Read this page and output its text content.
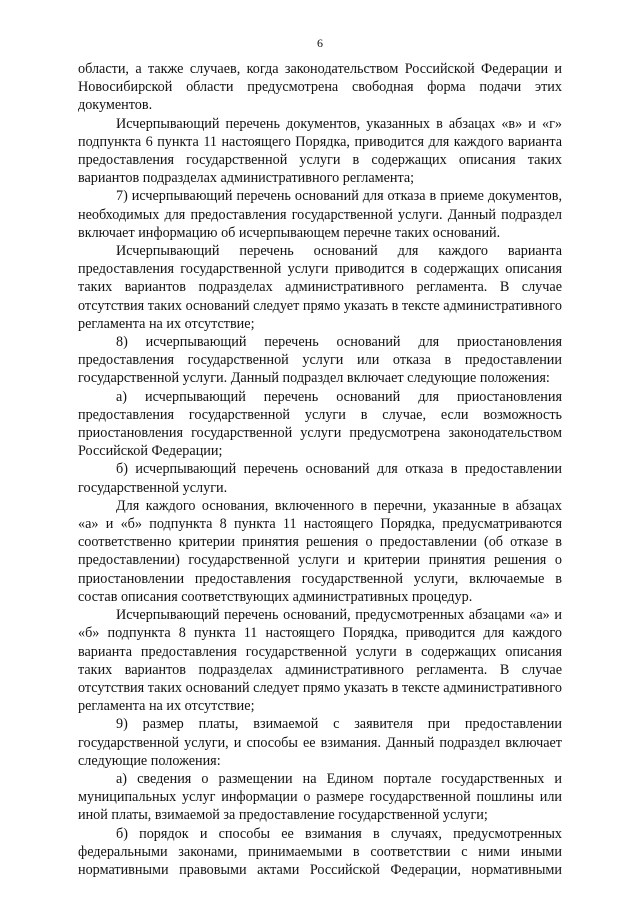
6

области, а также случаев, когда законодательством Российской Федерации и Новосибирской области предусмотрена свободная форма подачи этих документов.

Исчерпывающий перечень документов, указанных в абзацах «в» и «г» подпункта 6 пункта 11 настоящего Порядка, приводится для каждого варианта предоставления государственной услуги в содержащих описания таких вариантов подразделах административного регламента;

7) исчерпывающий перечень оснований для отказа в приеме документов, необходимых для предоставления государственной услуги. Данный подраздел включает информацию об исчерпывающем перечне таких оснований.

Исчерпывающий перечень оснований для каждого варианта предоставления государственной услуги приводится в содержащих описания таких вариантов подразделах административного регламента. В случае отсутствия таких оснований следует прямо указать в тексте административного регламента на их отсутствие;

8) исчерпывающий перечень оснований для приостановления предоставления государственной услуги или отказа в предоставлении государственной услуги. Данный подраздел включает следующие положения:

а) исчерпывающий перечень оснований для приостановления предоставления государственной услуги в случае, если возможность приостановления государственной услуги предусмотрена законодательством Российской Федерации;

б) исчерпывающий перечень оснований для отказа в предоставлении государственной услуги.

Для каждого основания, включенного в перечни, указанные в абзацах «а» и «б» подпункта 8 пункта 11 настоящего Порядка, предусматриваются соответственно критерии принятия решения о предоставлении (об отказе в предоставлении) государственной услуги и критерии принятия решения о приостановлении предоставления государственной услуги, включаемые в состав описания соответствующих административных процедур.

Исчерпывающий перечень оснований, предусмотренных абзацами «а» и «б» подпункта 8 пункта 11 настоящего Порядка, приводится для каждого варианта предоставления государственной услуги в содержащих описания таких вариантов подразделах административного регламента. В случае отсутствия таких оснований следует прямо указать в тексте административного регламента на их отсутствие;

9) размер платы, взимаемой с заявителя при предоставлении государственной услуги, и способы ее взимания. Данный подраздел включает следующие положения:

а) сведения о размещении на Едином портале государственных и муниципальных услуг информации о размере государственной пошлины или иной платы, взимаемой за предоставление государственной услуги;

б) порядок и способы ее взимания в случаях, предусмотренных федеральными законами, принимаемыми в соответствии с ними иными нормативными правовыми актами Российской Федерации, нормативными
